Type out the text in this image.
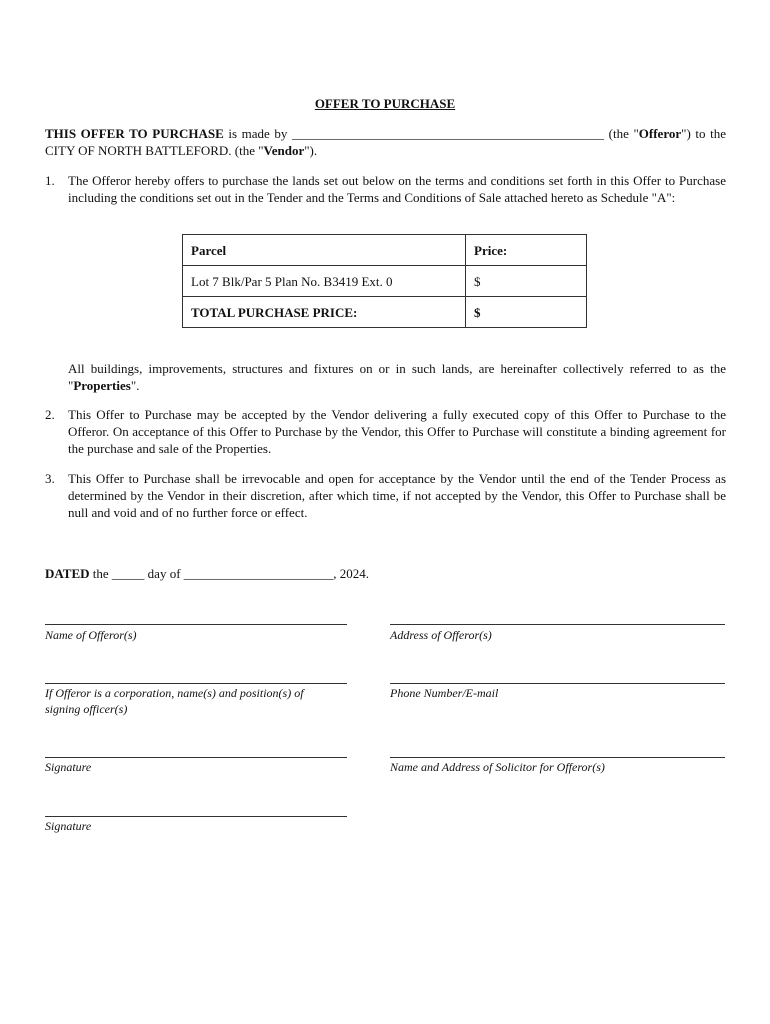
OFFER TO PURCHASE
THIS OFFER TO PURCHASE is made by ________________________________________________ (the "Offeror") to the CITY OF NORTH BATTLEFORD. (the "Vendor").
1. The Offeror hereby offers to purchase the lands set out below on the terms and conditions set forth in this Offer to Purchase including the conditions set out in the Tender and the Terms and Conditions of Sale attached hereto as Schedule "A":
Parcel	Price:
Lot 7 Blk/Par 5 Plan No. B3419 Ext. 0	$
TOTAL PURCHASE PRICE:	$
All buildings, improvements, structures and fixtures on or in such lands, are hereinafter collectively referred to as the "Properties".
2. This Offer to Purchase may be accepted by the Vendor delivering a fully executed copy of this Offer to Purchase to the Offeror. On acceptance of this Offer to Purchase by the Vendor, this Offer to Purchase will constitute a binding agreement for the purchase and sale of the Properties.
3. This Offer to Purchase shall be irrevocable and open for acceptance by the Vendor until the end of the Tender Process as determined by the Vendor in their discretion, after which time, if not accepted by the Vendor, this Offer to Purchase shall be null and void and of no further force or effect.
DATED the _____ day of _______________________, 2024.
Name of Offeror(s)	Address of Offeror(s)
If Offeror is a corporation, name(s) and position(s) of signing officer(s)
Phone Number/E-mail
Signature	Name and Address of Solicitor for Offeror(s)
Signature
